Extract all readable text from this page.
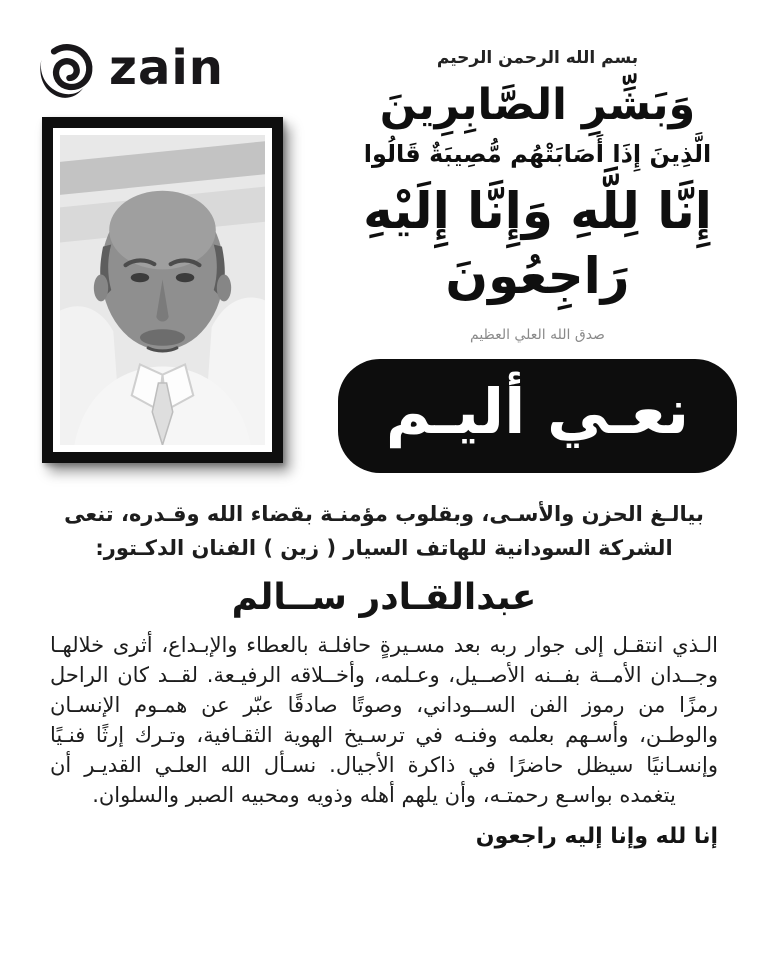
zain	بسم الله الرحمن الرحيم
وَبَشِّرِ الصَّابِرِينَ
الَّذِينَ إِذَا أَصَابَتْهُم مُّصِيبَةٌ قَالُوا
إِنَّا لِلَّهِ وَإِنَّا إِلَيْهِ رَاجِعُونَ
صدق الله العلي العظيم
نعـي أليـم

بيالـغ الحزن والأسـى، وبقلوب مؤمنـة بقضاء الله وقـدره، تنعى الشركة السودانية للهاتف السيار ( زين ) الفنان الدكـتور:

عبدالقـادر ســالم

الـذي انتقـل إلى جوار ربه بعد مسـيرةٍ حافلـة بالعطاء والإبـداع، أثرى خلالهـا وجــدان الأمــة بفــنه الأصــيل، وعـلمه، وأخــلاقه الرفيـعة. لقــد كان الراحل رمزًا من رموز الفن الســوداني، وصوتًا صادقًا عبّر عن همـوم الإنسـان والوطـن، وأسـهم بعلمه وفنـه في ترسـيخ الهوية الثقـافية، وتـرك إرثًا فنـيًا وإنسـانيًا سيظل حاضرًا في ذاكرة الأجيال. نسـأل الله العلـي القديـر أن يتغمده بواسـع رحمتـه، وأن يلهم أهله وذويه ومحبيه الصبر والسلوان.

إنا لله وإنا إليه راجعون
